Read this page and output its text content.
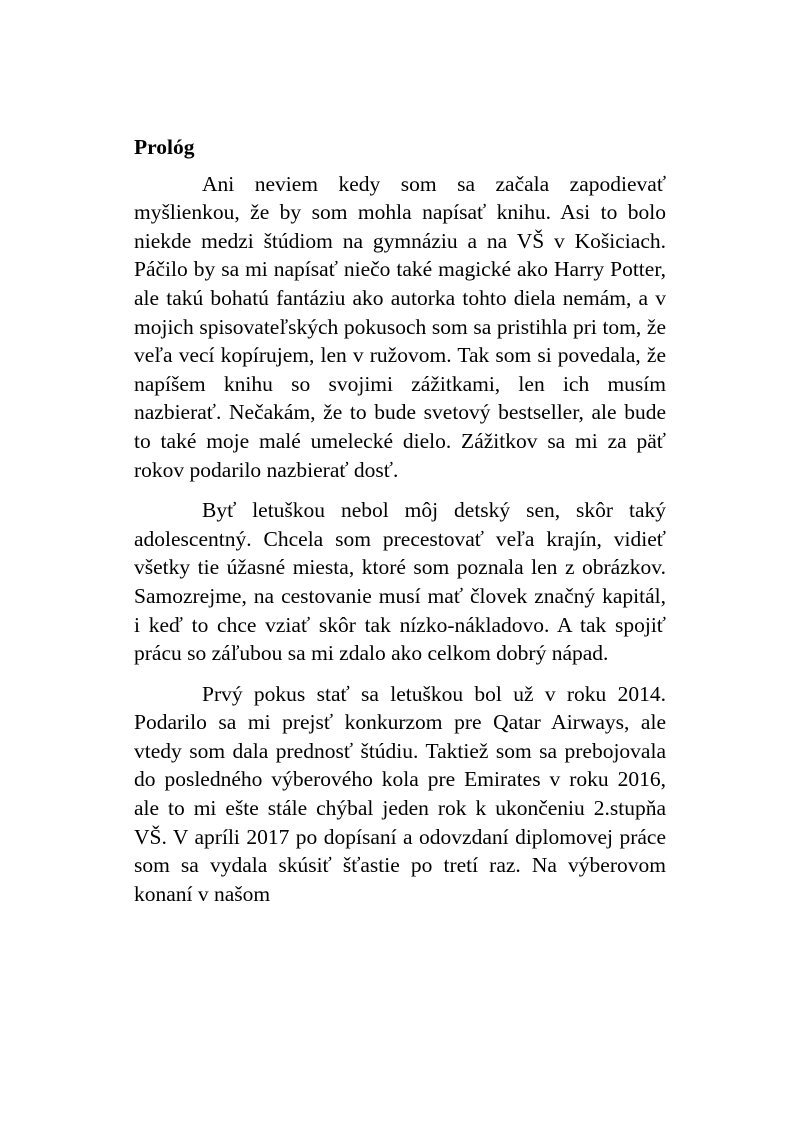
Prológ

Ani neviem kedy som sa začala zapodievať myšlienkou, že by som mohla napísať knihu. Asi to bolo niekde medzi štúdiom na gymnáziu a na VŠ v Košiciach. Páčilo by sa mi napísať niečo také magické ako Harry Potter, ale takú bohatú fantáziu ako autorka tohto diela nemám, a v mojich spisovateľských pokusoch som sa pristihla pri tom, že veľa vecí kopírujem, len v ružovom. Tak som si povedala, že napíšem knihu so svojimi zážitkami, len ich musím nazbierať. Nečakám, že to bude svetový bestseller, ale bude to také moje malé umelecké dielo. Zážitkov sa mi za päť rokov podarilo nazbierať dosť.

Byť letuškou nebol môj detský sen, skôr taký adolescentný. Chcela som precestovať veľa krajín, vidieť všetky tie úžasné miesta, ktoré som poznala len z obrázkov. Samozrejme, na cestovanie musí mať človek značný kapitál, i keď to chce vziať skôr tak nízko-nákladovo. A tak spojiť prácu so záľubou sa mi zdalo ako celkom dobrý nápad.

Prvý pokus stať sa letuškou bol už v roku 2014. Podarilo sa mi prejsť konkurzom pre Qatar Airways, ale vtedy som dala prednosť štúdiu. Taktiež som sa prebojovala do posledného výberového kola pre Emirates v roku 2016, ale to mi ešte stále chýbal jeden rok k ukončeniu 2.stupňa VŠ. V apríli 2017 po dopísaní a odovzdaní diplomovej práce som sa vydala skúsiť šťastie po tretí raz. Na výberovom konaní v našom
